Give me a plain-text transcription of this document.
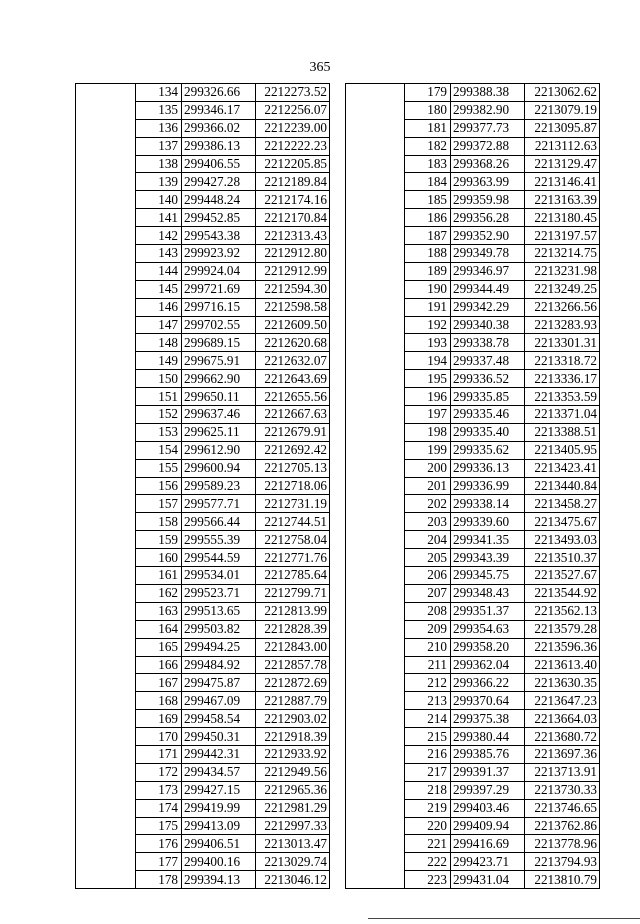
365
	134	299326.66	2212273.52
	135	299346.17	2212256.07
	136	299366.02	2212239.00
	137	299386.13	2212222.23
	138	299406.55	2212205.85
	139	299427.28	2212189.84
	140	299448.24	2212174.16
	141	299452.85	2212170.84
	142	299543.38	2212313.43
	143	299923.92	2212912.80
	144	299924.04	2212912.99
	145	299721.69	2212594.30
	146	299716.15	2212598.58
	147	299702.55	2212609.50
	148	299689.15	2212620.68
	149	299675.91	2212632.07
	150	299662.90	2212643.69
	151	299650.11	2212655.56
	152	299637.46	2212667.63
	153	299625.11	2212679.91
	154	299612.90	2212692.42
	155	299600.94	2212705.13
	156	299589.23	2212718.06
	157	299577.71	2212731.19
	158	299566.44	2212744.51
	159	299555.39	2212758.04
	160	299544.59	2212771.76
	161	299534.01	2212785.64
	162	299523.71	2212799.71
	163	299513.65	2212813.99
	164	299503.82	2212828.39
	165	299494.25	2212843.00
	166	299484.92	2212857.78
	167	299475.87	2212872.69
	168	299467.09	2212887.79
	169	299458.54	2212903.02
	170	299450.31	2212918.39
	171	299442.31	2212933.92
	172	299434.57	2212949.56
	173	299427.15	2212965.36
	174	299419.99	2212981.29
	175	299413.09	2212997.33
	176	299406.51	2213013.47
	177	299400.16	2213029.74
	178	299394.13	2213046.12
	179	299388.38	2213062.62
	180	299382.90	2213079.19
	181	299377.73	2213095.87
	182	299372.88	2213112.63
	183	299368.26	2213129.47
	184	299363.99	2213146.41
	185	299359.98	2213163.39
	186	299356.28	2213180.45
	187	299352.90	2213197.57
	188	299349.78	2213214.75
	189	299346.97	2213231.98
	190	299344.49	2213249.25
	191	299342.29	2213266.56
	192	299340.38	2213283.93
	193	299338.78	2213301.31
	194	299337.48	2213318.72
	195	299336.52	2213336.17
	196	299335.85	2213353.59
	197	299335.46	2213371.04
	198	299335.40	2213388.51
	199	299335.62	2213405.95
	200	299336.13	2213423.41
	201	299336.99	2213440.84
	202	299338.14	2213458.27
	203	299339.60	2213475.67
	204	299341.35	2213493.03
	205	299343.39	2213510.37
	206	299345.75	2213527.67
	207	299348.43	2213544.92
	208	299351.37	2213562.13
	209	299354.63	2213579.28
	210	299358.20	2213596.36
	211	299362.04	2213613.40
	212	299366.22	2213630.35
	213	299370.64	2213647.23
	214	299375.38	2213664.03
	215	299380.44	2213680.72
	216	299385.76	2213697.36
	217	299391.37	2213713.91
	218	299397.29	2213730.33
	219	299403.46	2213746.65
	220	299409.94	2213762.86
	221	299416.69	2213778.96
	222	299423.71	2213794.93
	223	299431.04	2213810.79
